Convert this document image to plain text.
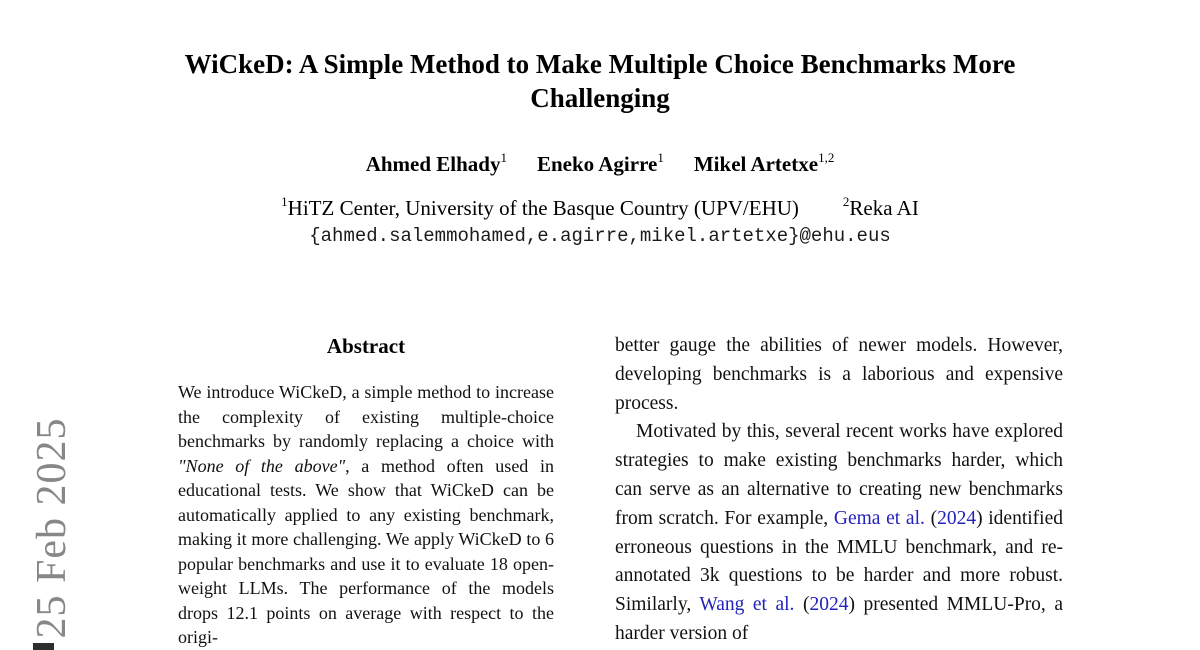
25 Feb 2025
WiCkeD: A Simple Method to Make Multiple Choice Benchmarks More Challenging
Ahmed Elhady$^1$ Eneko Agirre$^1$ Mikel Artetxe$^{1,2}$
$^1$HiTZ Center, University of the Basque Country (UPV/EHU)	$^2$Reka AI
{ahmed.salemmohamed,e.agirre,mikel.artetxe}@ehu.eus
Abstract

We introduce WiCkeD, a simple method to increase the complexity of existing multiple-choice benchmarks by randomly replacing a choice with "None of the above", a method often used in educational tests. We show that WiCkeD can be automatically applied to any existing benchmark, making it more challenging. We apply WiCkeD to 6 popular benchmarks and use it to evaluate 18 open-weight LLMs. The performance of the models drops 12.1 points on average with respect to the origi-

better gauge the abilities of newer models. However, developing benchmarks is a laborious and expensive process.

Motivated by this, several recent works have explored strategies to make existing benchmarks harder, which can serve as an alternative to creating new benchmarks from scratch. For example, Gema et al. (2024) identified erroneous questions in the MMLU benchmark, and re-annotated 3k questions to be harder and more robust. Similarly, Wang et al. (2024) presented MMLU-Pro, a harder version of
